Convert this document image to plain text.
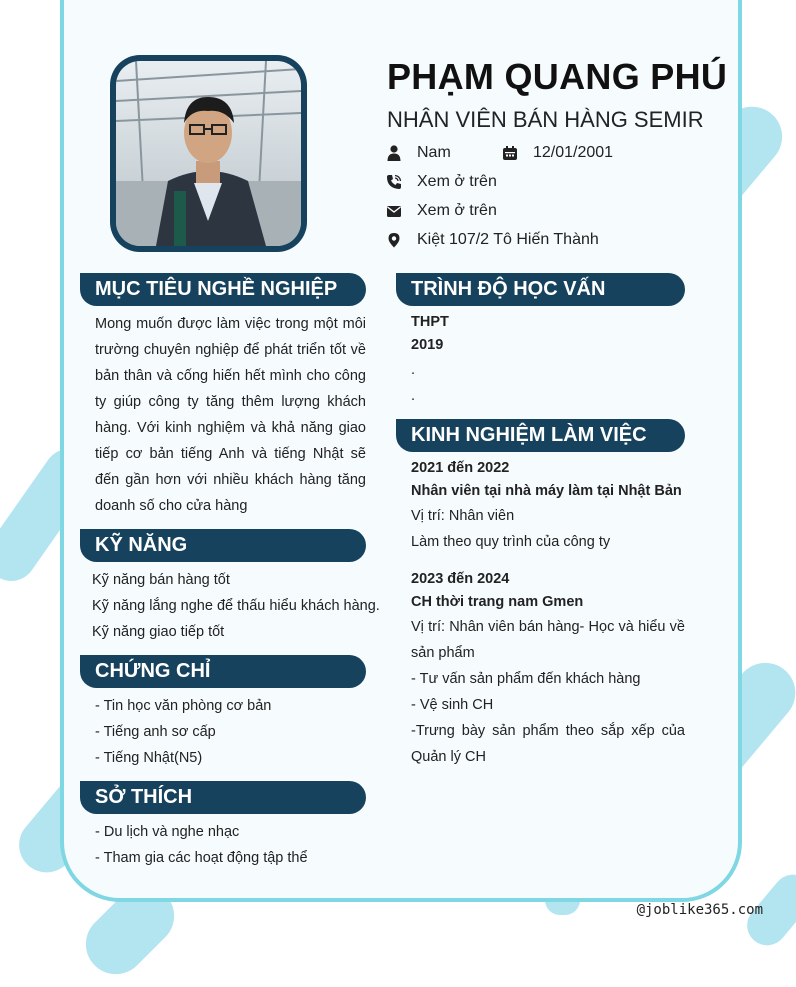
PHẠM QUANG PHÚ
NHÂN VIÊN BÁN HÀNG SEMIR
Nam	12/01/2001
Xem ở trên
Xem ở trên
Kiệt 107/2 Tô Hiến Thành
MỤC TIÊU NGHỀ NGHIỆP
Mong muốn được làm việc trong một môi trường chuyên nghiệp để phát triển tốt về bản thân và cống hiến hết mình cho công ty giúp công ty tăng thêm lượng khách hàng. Với kinh nghiệm và khả năng giao tiếp cơ bản tiếng Anh và tiếng Nhật sẽ đến gần hơn với nhiều khách hàng tăng doanh số cho cửa hàng
KỸ NĂNG
Kỹ năng bán hàng tốt
Kỹ năng lắng nghe để thấu hiểu khách hàng.
Kỹ năng giao tiếp tốt
CHỨNG CHỈ
- Tin học văn phòng cơ bản
- Tiếng anh sơ cấp
- Tiếng Nhật(N5)
SỞ THÍCH
- Du lịch và nghe nhạc
- Tham gia các hoạt động tập thể
TRÌNH ĐỘ HỌC VẤN
THPT
2019
.
.
KINH NGHIỆM LÀM VIỆC
2021 đến 2022
Nhân viên tại nhà máy làm tại Nhật Bản
Vị trí: Nhân viên
Làm theo quy trình của công ty
2023 đến 2024
CH thời trang nam Gmen
Vị trí: Nhân viên bán hàng- Học và hiểu về sản phẩm
- Tư vấn sản phẩm đến khách hàng
- Vệ sinh CH
-Trưng bày sản phẩm theo sắp xếp của Quản lý CH
@joblike365.com
